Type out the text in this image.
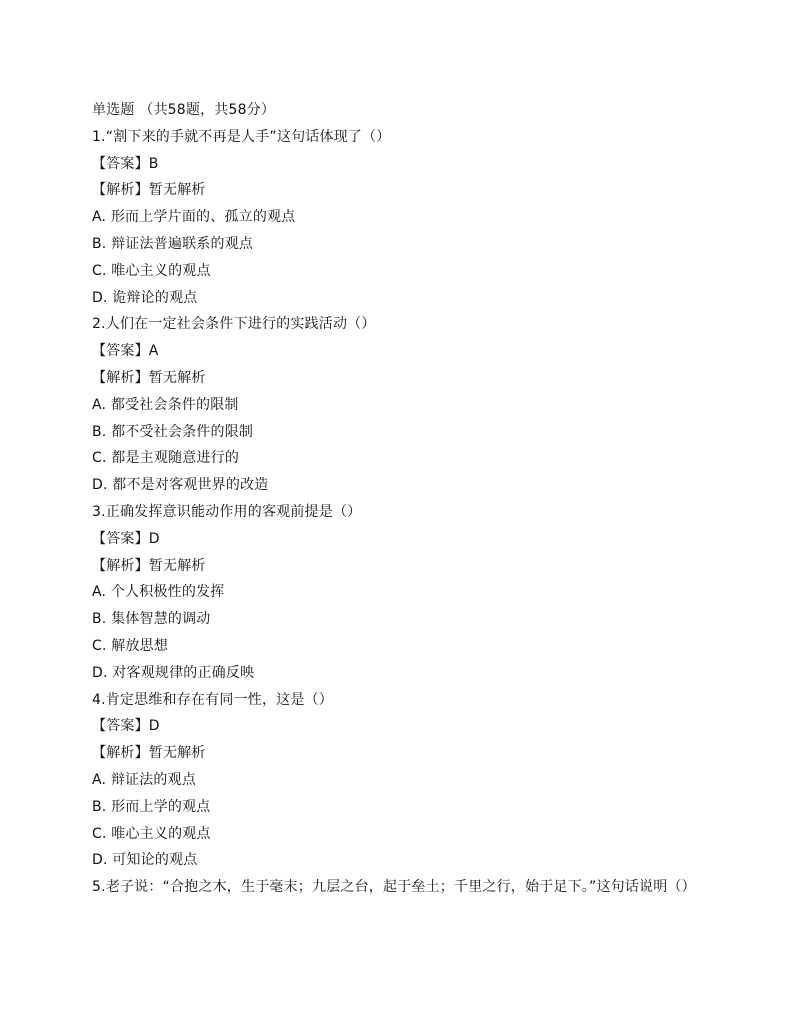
单选题 （共58题，共58分）
1.“割下来的手就不再是人手”这句话体现了（）
【答案】B
【解析】暂无解析
A. 形而上学片面的、孤立的观点
B. 辩证法普遍联系的观点
C. 唯心主义的观点
D. 诡辩论的观点
2.人们在一定社会条件下进行的实践活动（）
【答案】A
【解析】暂无解析
A. 都受社会条件的限制
B. 都不受社会条件的限制
C. 都是主观随意进行的
D. 都不是对客观世界的改造
3.正确发挥意识能动作用的客观前提是（）
【答案】D
【解析】暂无解析
A. 个人积极性的发挥
B. 集体智慧的调动
C. 解放思想
D. 对客观规律的正确反映
4.肯定思维和存在有同一性，这是（）
【答案】D
【解析】暂无解析
A. 辩证法的观点
B. 形而上学的观点
C. 唯心主义的观点
D. 可知论的观点
5.老子说：“合抱之木，生于毫末；九层之台，起于垒土；千里之行，始于足下。”这句话说明（）
